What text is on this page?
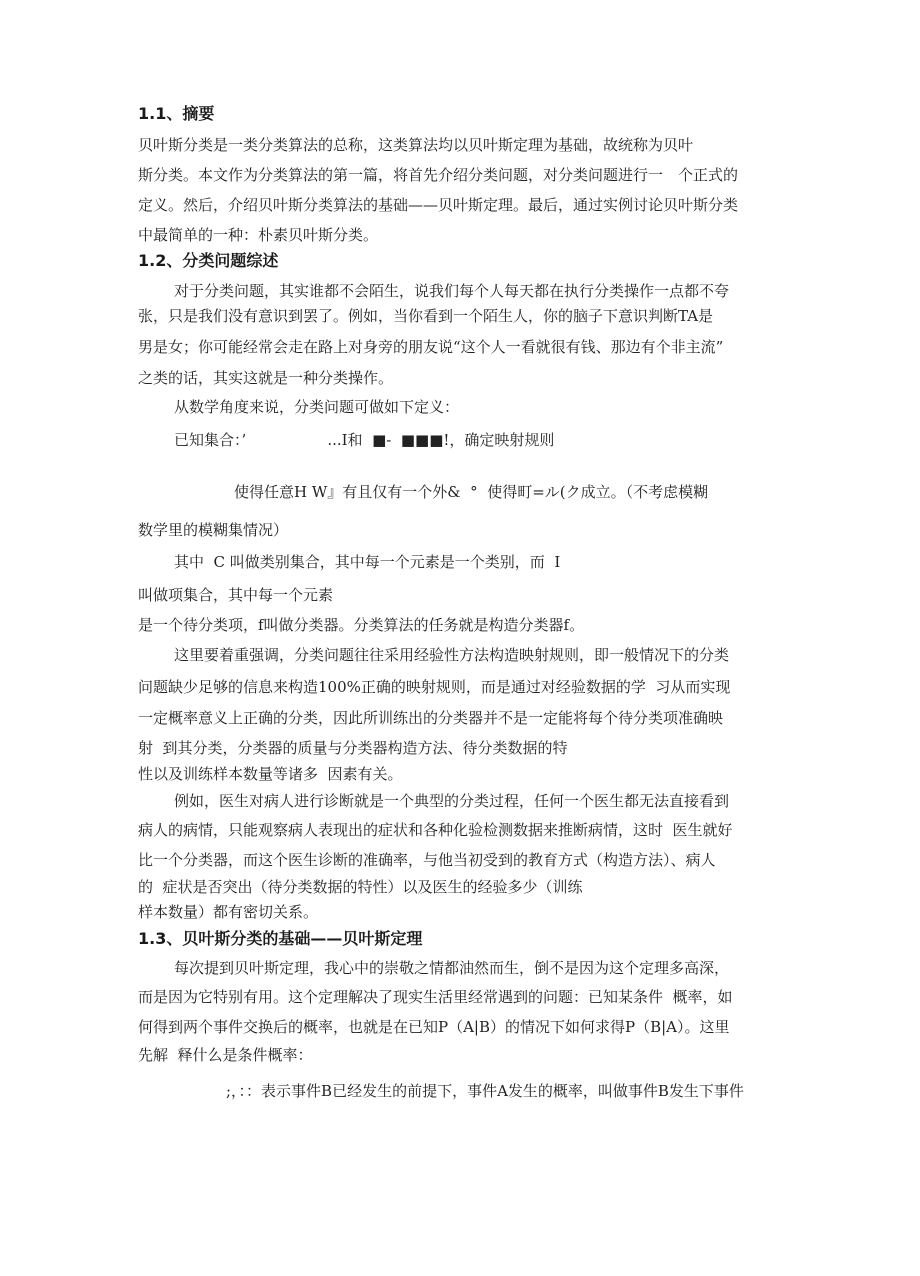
1.1、摘要

贝叶斯分类是一类分类算法的总称，这类算法均以贝叶斯定理为基础，故统称为贝叶

斯分类。本文作为分类算法的第一篇，将首先介绍分类问题，对分类问题进行一　个正式的

定义。然后，介绍贝叶斯分类算法的基础——贝叶斯定理。最后，通过实例讨论贝叶斯分类

中最简单的一种：朴素贝叶斯分类。

1.2、分类问题综述

对于分类问题，其实谁都不会陌生，说我们每个人每天都在执行分类操作一点都不夸

张，只是我们没有意识到罢了。例如，当你看到一个陌生人，你的脑子下意识判断TA是

男是女；你可能经常会走在路上对身旁的朋友说“这个人一看就很有钱、那边有个非主流”

之类的话，其实这就是一种分类操作。

从数学角度来说，分类问题可做如下定义：

已知集合：’                 ...I和  ■-  ■■■!，确定映射规则

使得任意H W』有且仅有一个外&  °  使得町=ル(ク成立。（不考虑模糊

数学里的模糊集情况）

其中  C 叫做类别集合，其中每一个元素是一个类别，而  I

叫做项集合，其中每一个元素

是一个待分类项，f叫做分类器。分类算法的任务就是构造分类器f。

这里要着重强调，分类问题往往采用经验性方法构造映射规则，即一般情况下的分类

问题缺少足够的信息来构造100%正确的映射规则，而是通过对经验数据的学  习从而实现

一定概率意义上正确的分类，因此所训练出的分类器并不是一定能将每个待分类项准确映

射  到其分类，分类器的质量与分类器构造方法、待分类数据的特

性以及训练样本数量等诸多  因素有关。

例如，医生对病人进行诊断就是一个典型的分类过程，任何一个医生都无法直接看到

病人的病情，只能观察病人表现出的症状和各种化验检测数据来推断病情，这时  医生就好

比一个分类器，而这个医生诊断的准确率，与他当初受到的教育方式（构造方法）、病人

的  症状是否突出（待分类数据的特性）以及医生的经验多少（训练

样本数量）都有密切关系。

1.3、贝叶斯分类的基础——贝叶斯定理

每次提到贝叶斯定理，我心中的崇敬之情都油然而生，倒不是因为这个定理多高深，

而是因为它特别有用。这个定理解决了现实生活里经常遇到的问题：已知某条件  概率，如

何得到两个事件交换后的概率，也就是在已知P（A|B）的情况下如何求得P（B|A）。这里

先解  释什么是条件概率：

;，：：表示事件B已经发生的前提下，事件A发生的概率，叫做事件B发生下事件
